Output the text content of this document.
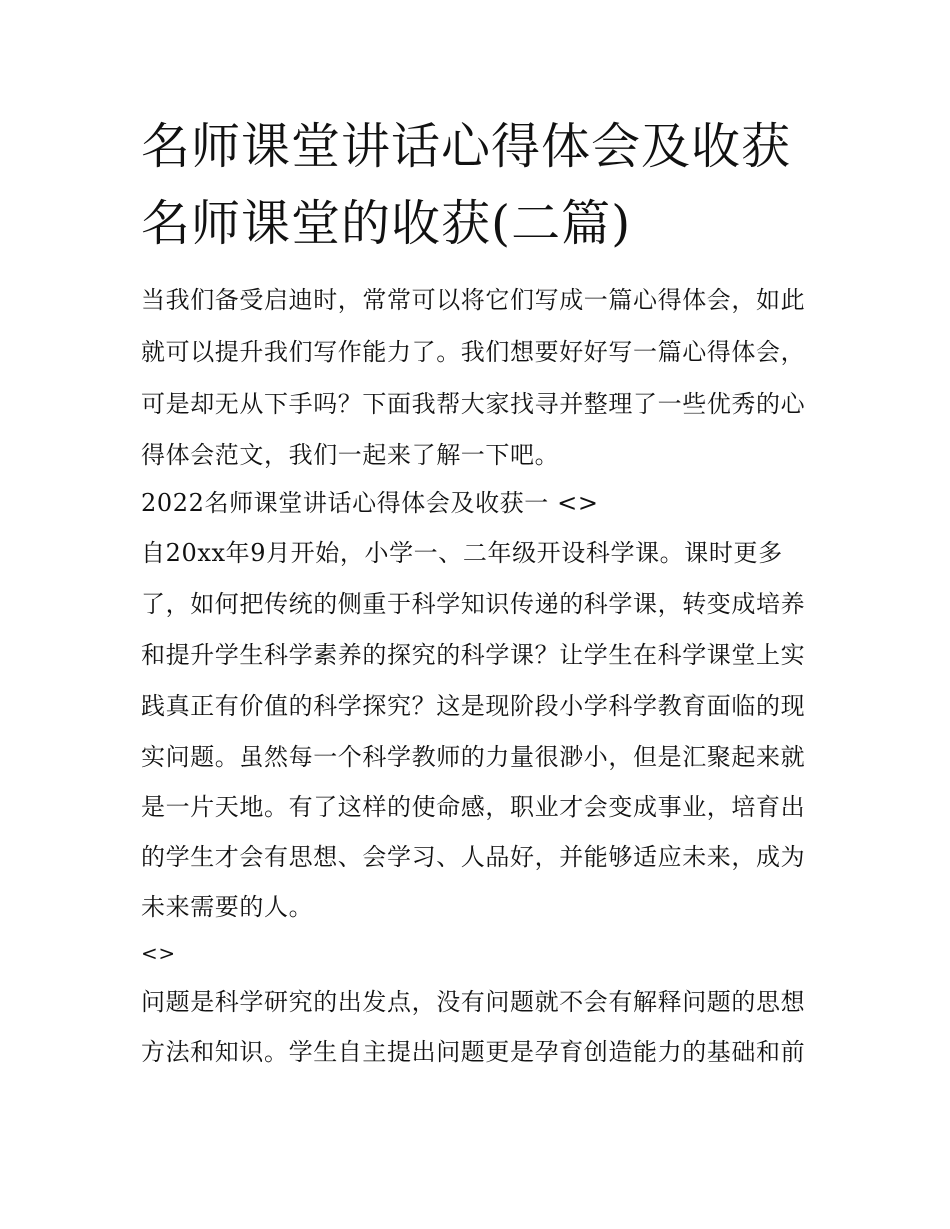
名师课堂讲话心得体会及收获
名师课堂的收获(二篇)
当我们备受启迪时，常常可以将它们写成一篇心得体会，如此
就可以提升我们写作能力了。我们想要好好写一篇心得体会，
可是却无从下手吗？下面我帮大家找寻并整理了一些优秀的心
得体会范文，我们一起来了解一下吧。
2022名师课堂讲话心得体会及收获一 <>
自20xx年9月开始，小学一、二年级开设科学课。课时更多
了，如何把传统的侧重于科学知识传递的科学课，转变成培养
和提升学生科学素养的探究的科学课？让学生在科学课堂上实
践真正有价值的科学探究？这是现阶段小学科学教育面临的现
实问题。虽然每一个科学教师的力量很渺小，但是汇聚起来就
是一片天地。有了这样的使命感，职业才会变成事业，培育出
的学生才会有思想、会学习、人品好，并能够适应未来，成为
未来需要的人。
<>
问题是科学研究的出发点，没有问题就不会有解释问题的思想
方法和知识。学生自主提出问题更是孕育创造能力的基础和前
